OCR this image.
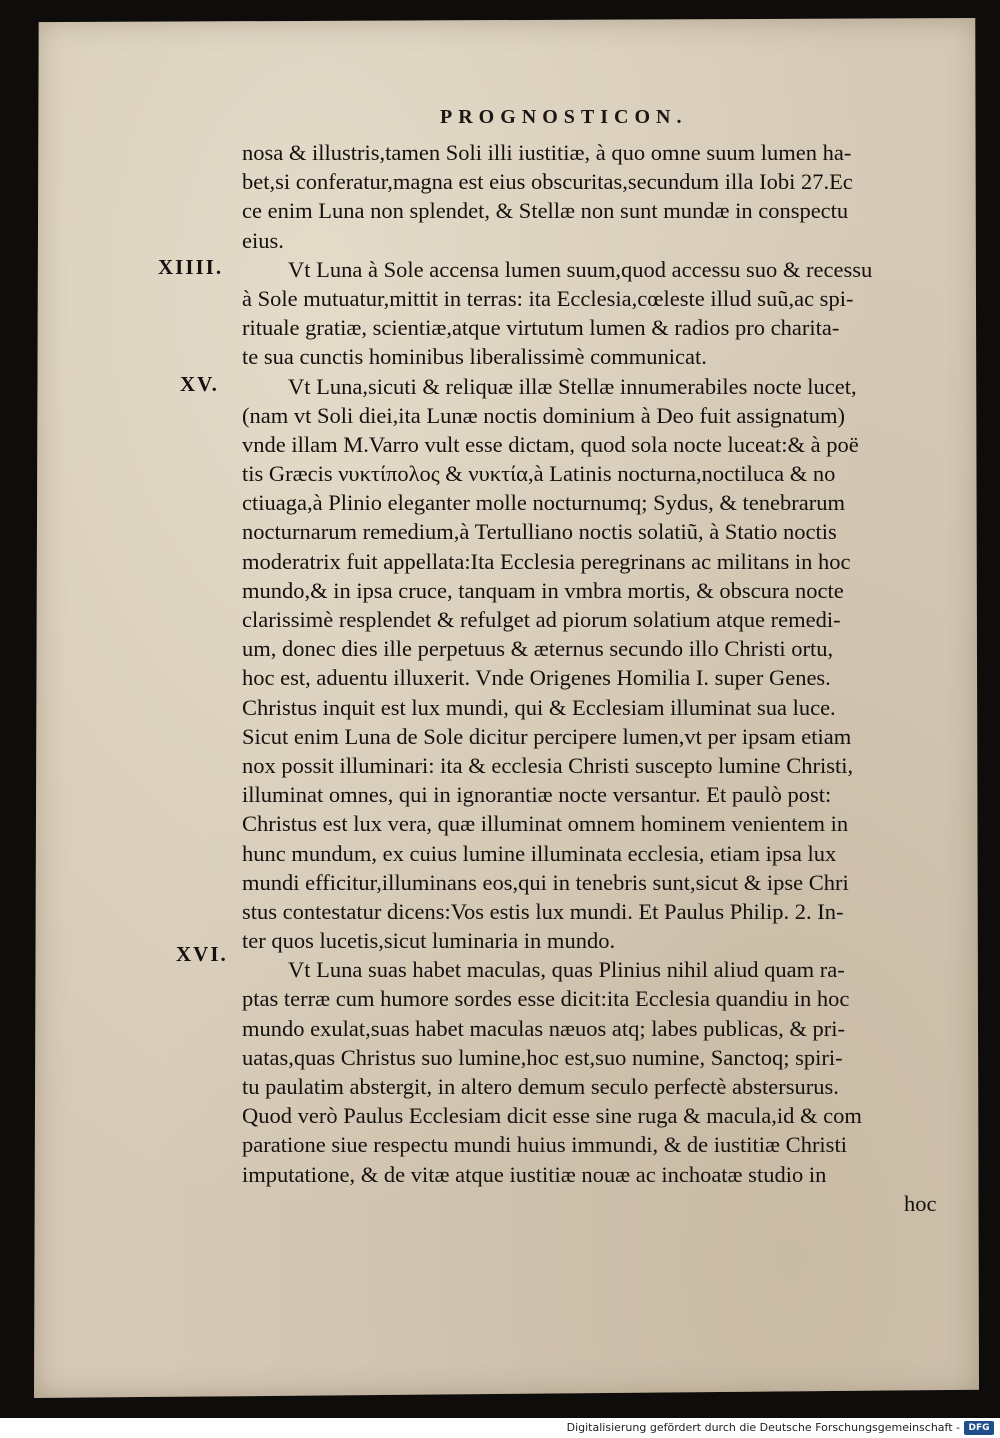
PROGNOSTICON.
XIIII.
XV.
XVI.
nosa & illustris,tamen Soli illi iustitiæ, à quo omne suum lumen ha-
bet,si conferatur,magna est eius obscuritas,secundum illa Iobi 27.Ec
ce enim Luna non splendet, & Stellæ non sunt mundæ in conspectu
eius.
Vt Luna à Sole accensa lumen suum,quod accessu suo & recessu
à Sole mutuatur,mittit in terras: ita Ecclesia,cœleste illud suũ,ac spi-
rituale gratiæ, scientiæ,atque virtutum lumen & radios pro charita-
te sua cunctis hominibus liberalissimè communicat.
Vt Luna,sicuti & reliquæ illæ Stellæ innumerabiles nocte lucet,
(nam vt Soli diei,ita Lunæ noctis dominium à Deo fuit assignatum)
vnde illam M.Varro vult esse dictam, quod sola nocte luceat:& à poë
tis Græcis νυκτίπολος & νυκτία,à Latinis nocturna,noctiluca & no
ctiuaga,à Plinio eleganter molle nocturnumq; Sydus, & tenebrarum
nocturnarum remedium,à Tertulliano noctis solatiũ, à Statio noctis
moderatrix fuit appellata:Ita Ecclesia peregrinans ac militans in hoc
mundo,& in ipsa cruce, tanquam in vmbra mortis, & obscura nocte
clarissimè resplendet & refulget ad piorum solatium atque remedi-
um, donec dies ille perpetuus & æternus secundo illo Christi ortu,
hoc est, aduentu illuxerit. Vnde Origenes Homilia I. super Genes.
Christus inquit est lux mundi, qui & Ecclesiam illuminat sua luce.
Sicut enim Luna de Sole dicitur percipere lumen,vt per ipsam etiam
nox possit illuminari: ita & ecclesia Christi suscepto lumine Christi,
illuminat omnes, qui in ignorantiæ nocte versantur. Et paulò post:
Christus est lux vera, quæ illuminat omnem hominem venientem in
hunc mundum, ex cuius lumine illuminata ecclesia, etiam ipsa lux
mundi efficitur,illuminans eos,qui in tenebris sunt,sicut & ipse Chri
stus contestatur dicens:Vos estis lux mundi. Et Paulus Philip. 2. In-
ter quos lucetis,sicut luminaria in mundo.
Vt Luna suas habet maculas, quas Plinius nihil aliud quam ra-
ptas terræ cum humore sordes esse dicit:ita Ecclesia quandiu in hoc
mundo exulat,suas habet maculas næuos atq; labes publicas, & pri-
uatas,quas Christus suo lumine,hoc est,suo numine, Sanctoq; spiri-
tu paulatim abstergit, in altero demum seculo perfectè abstersurus.
Quod verò Paulus Ecclesiam dicit esse sine ruga & macula,id & com
paratione siue respectu mundi huius immundi, & de iustitiæ Christi
imputatione, & de vitæ atque iustitiæ nouæ ac inchoatæ studio in
hoc
Digitalisierung gefördert durch die Deutsche Forschungsgemeinschaft - DFG
